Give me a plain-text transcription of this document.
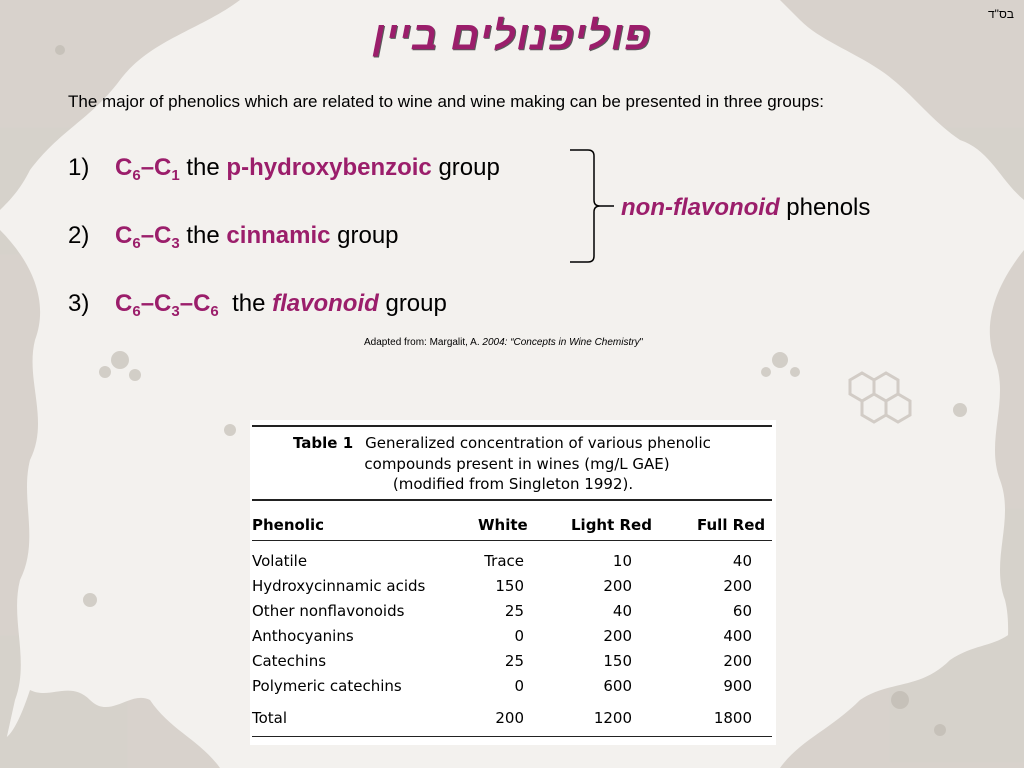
בס"ד
פוליפנולים ביין
The major of phenolics which are related to wine and wine making can be presented in three groups:
1) $C_6-C_1$ the p-hydroxybenzoic group
2) $C_6-C_3$ the cinnamic group
3) $C_6-C_3-C_6$  the flavonoid group
non-flavonoid phenols
Adapted from: Margalit, A. 2004: “Concepts in Wine Chemistry"
Table 1 Generalized concentration of various phenolic
compounds present in wines (mg/L GAE)
(modified from Singleton 1992).
Phenolic	White	Light Red	Full Red
Volatile	Trace	10	40
Hydroxycinnamic acids	150	200	200
Other nonflavonoids	25	40	60
Anthocyanins	0	200	400
Catechins	25	150	200
Polymeric catechins	0	600	900
Total	200	1200	1800
